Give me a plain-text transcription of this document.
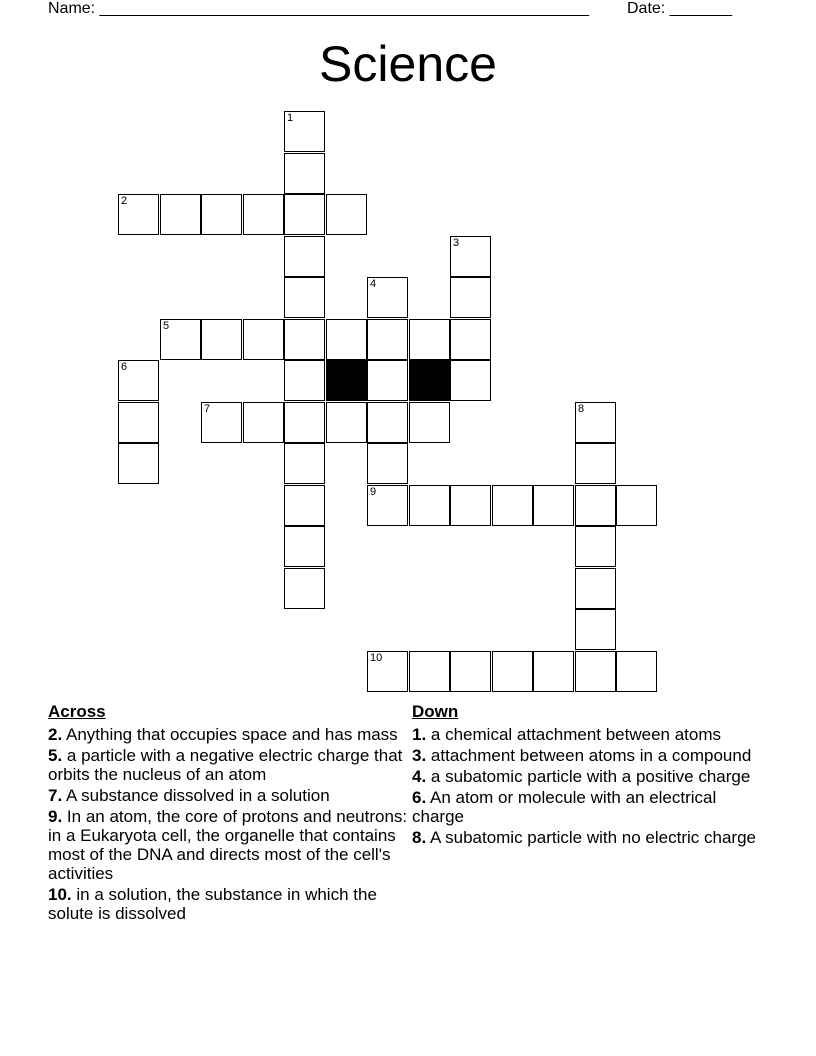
Name: _______________________________________________________ Date: _______
Science
1
3
4
6
8
2
5
7
9
10
Across
2. Anything that occupies space and has mass
5. a particle with a negative electric charge that orbits the nucleus of an atom
7. A substance dissolved in a solution
9. In an atom, the core of protons and neutrons: in a Eukaryota cell, the organelle that contains most of the DNA and directs most of the cell's activities
10. in a solution, the substance in which the solute is dissolved
Down
1. a chemical attachment between atoms
3. attachment between atoms in a compound
4. a subatomic particle with a positive charge
6. An atom or molecule with an electrical charge
8. A subatomic particle with no electric charge
